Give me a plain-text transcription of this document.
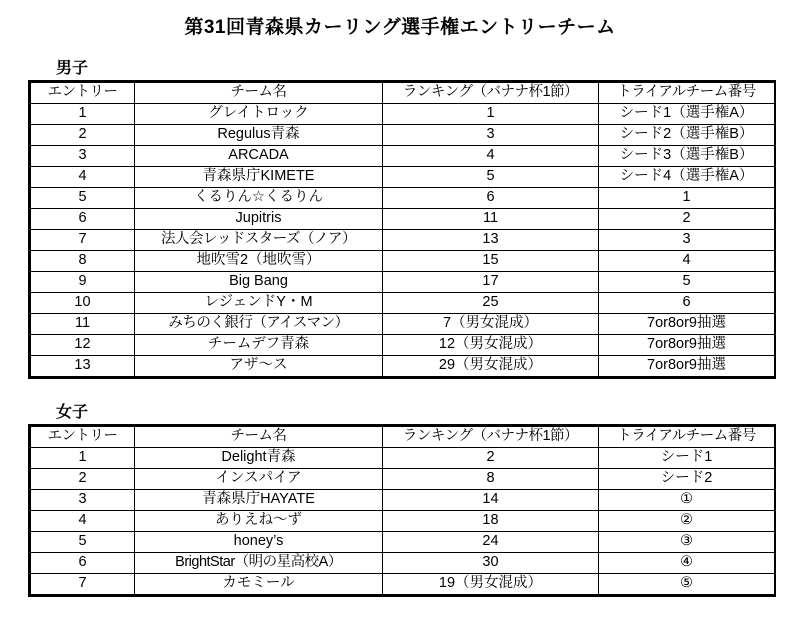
第31回青森県カーリング選手権エントリーチーム
男子
エントリー	チーム名	ランキング（バナナ杯1節）	トライアルチーム番号
1	グレイトロック	1	シード1（選手権A）
2	Regulus青森	3	シード2（選手権B）
3	ARCADA	4	シード3（選手権B）
4	青森県庁KIMETE	5	シード4（選手権A）
5	くるりん☆くるりん	6	1
6	Jupitris	11	2
7	法人会レッドスターズ（ノア）	13	3
8	地吹雪2（地吹雪）	15	4
9	Big Bang	17	5
10	レジェンドY・M	25	6
11	みちのく銀行（アイスマン）	7（男女混成）	7or8or9抽選
12	チームデフ青森	12（男女混成）	7or8or9抽選
13	アザ〜ス	29（男女混成）	7or8or9抽選
女子
エントリー	チーム名	ランキング（バナナ杯1節）	トライアルチーム番号
1	Delight青森	2	シード1
2	インスパイア	8	シード2
3	青森県庁HAYATE	14	①
4	ありえね〜ず	18	②
5	honey’s	24	③
6	BrightStar（明の星高校A）	30	④
7	カモミール	19（男女混成）	⑤
